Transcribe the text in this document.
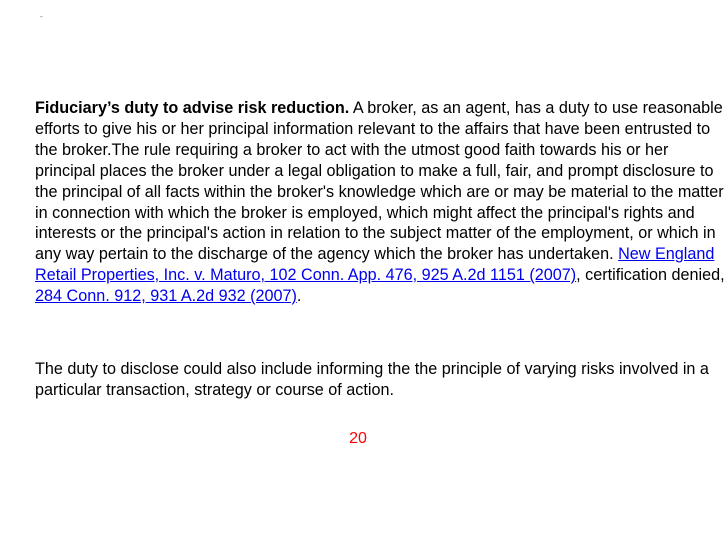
-

Fiduciary’s duty to advise risk reduction. A broker, as an agent, has a duty to use reasonable efforts to give his or her principal information relevant to the affairs that have been entrusted to the broker.The rule requiring a broker to act with the utmost good faith towards his or her principal places the broker under a legal obligation to make a full, fair, and prompt disclosure to the principal of all facts within the broker's knowledge which are or may be material to the matter in connection with which the broker is employed, which might affect the principal's rights and interests or the principal's action in relation to the subject matter of the employment, or which in any way pertain to the discharge of the agency which the broker has undertaken. New England Retail Properties, Inc. v. Maturo, 102 Conn. App. 476, 925 A.2d 1151 (2007), certification denied, 284 Conn. 912, 931 A.2d 932 (2007).

The duty to disclose could also include informing the the principle of varying risks involved in a particular transaction, strategy or course of action.

20
